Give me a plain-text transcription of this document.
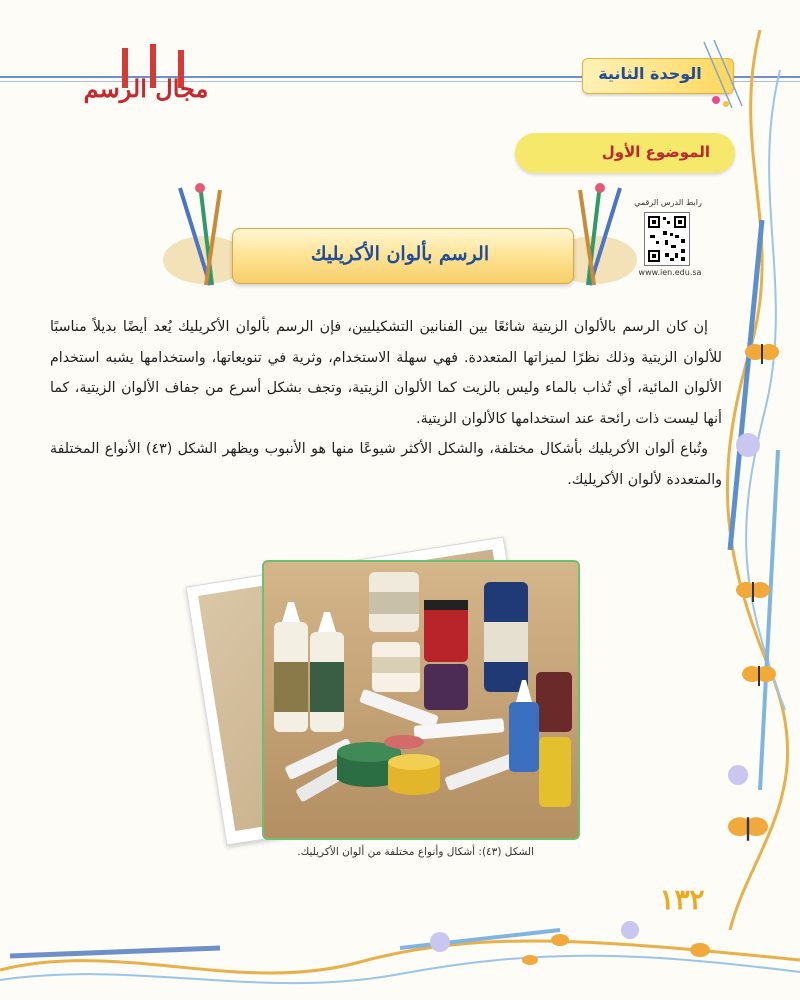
مجال الرسم
الوحدة الثانية
الموضوع الأول
رابط الدرس الرقمي
www.ien.edu.sa
الرسم بألوان الأكريليك

إن كان الرسم بالألوان الزيتية شائعًا بين الفنانين التشكيليين، فإن الرسم بألوان الأكريليك يُعد أيضًا بديلاً مناسبًا للألوان الزيتية وذلك نظرًا لميزاتها المتعددة. فهي سهلة الاستخدام، وثرية في تنويعاتها، واستخدامها يشبه استخدام الألوان المائية، أي تُذاب بالماء وليس بالزيت كما الألوان الزيتية، وتجف بشكل أسرع من جفاف الألوان الزيتية، كما أنها ليست ذات رائحة عند استخدامها كالألوان الزيتية.

وتُباع ألوان الأكريليك بأشكال مختلفة، والشكل الأكثر شيوعًا منها هو الأنبوب ويظهر الشكل (٤٣) الأنواع المختلفة والمتعددة لألوان الأكريليك.

الشكل (٤٣): أشكال وأنواع مختلفة من ألوان الأكريليك.
١٣٢
